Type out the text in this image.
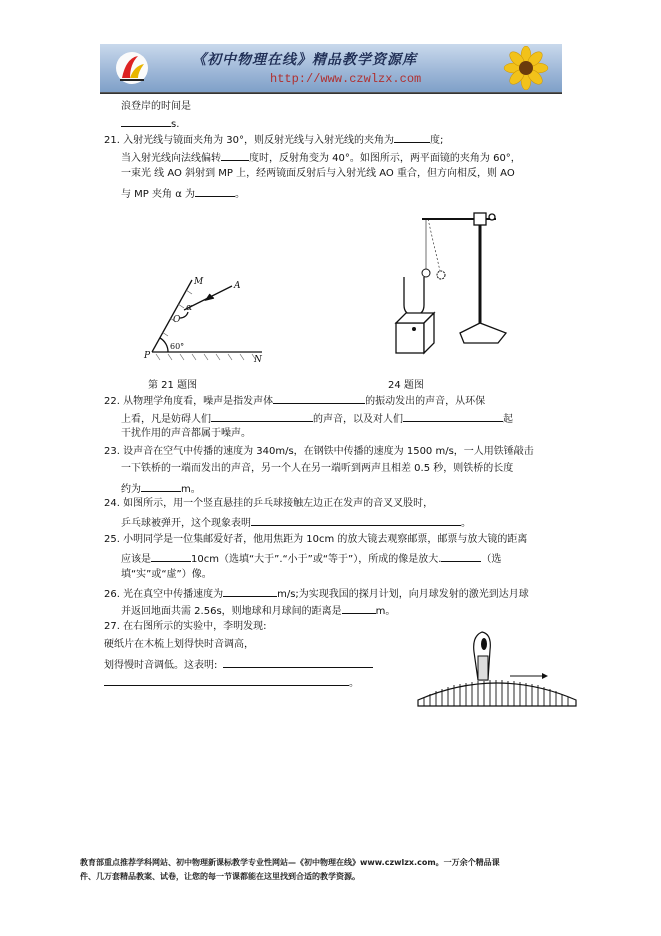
《初中物理在线》精品教学资源库
http://www.czwlzx.com
浪登岸的时间是
s.
21. 入射光线与镜面夹角为 30°，则反射光线与入射光线的夹角为	度;
当入射光线向法线偏转	度时，反射角变为 40°。如图所示，两平面镜的夹角为 60°，
一束光 线 AO 斜射到 MP 上，经两镜面反射后与入射光线 AO 重合，但方向相反，则 AO
与 MP 夹角 α 为	。
M	A
O
α
P	N
60°
第 21 题图	24 题图
22. 从物理学角度看，噪声是指发声体	的振动发出的声音，从环保
上看，凡是妨碍人们	的声音，以及对人们	起
干扰作用的声音都属于噪声。
23. 设声音在空气中传播的速度为 340m/s，在钢铁中传播的速度为 1500 m/s，一人用铁锤敲击
一下铁桥的一端而发出的声音，另一个人在另一端听到两声且相差 0.5 秒，则铁桥的长度
约为	m。
24. 如图所示，用一个竖直悬挂的乒乓球接触左边正在发声的音叉叉股时，
乒乓球被弹开，这个现象表明	。
25. 小明同学是一位集邮爱好者，他用焦距为 10cm 的放大镜去观察邮票，邮票与放大镜的距离
应该是	10cm（选填“大于”.“小于”或“等于”），所成的像是放大.	（选
填“实”或“虚”）像。
26. 光在真空中传播速度为	m/s;为实现我国的探月计划，向月球发射的激光到达月球
并返回地面共需 2.56s，则地球和月球间的距离是	m。
27. 在右图所示的实验中，李明发现:
硬纸片在木梳上划得快时音调高，
划得慢时音调低。这表明:
。
教育部重点推荐学科网站、初中物理新课标教学专业性网站—《初中物理在线》www.czwlzx.com。一万余个精品课
件、几万套精品教案、试卷，让您的每一节课都能在这里找到合适的教学资源。
